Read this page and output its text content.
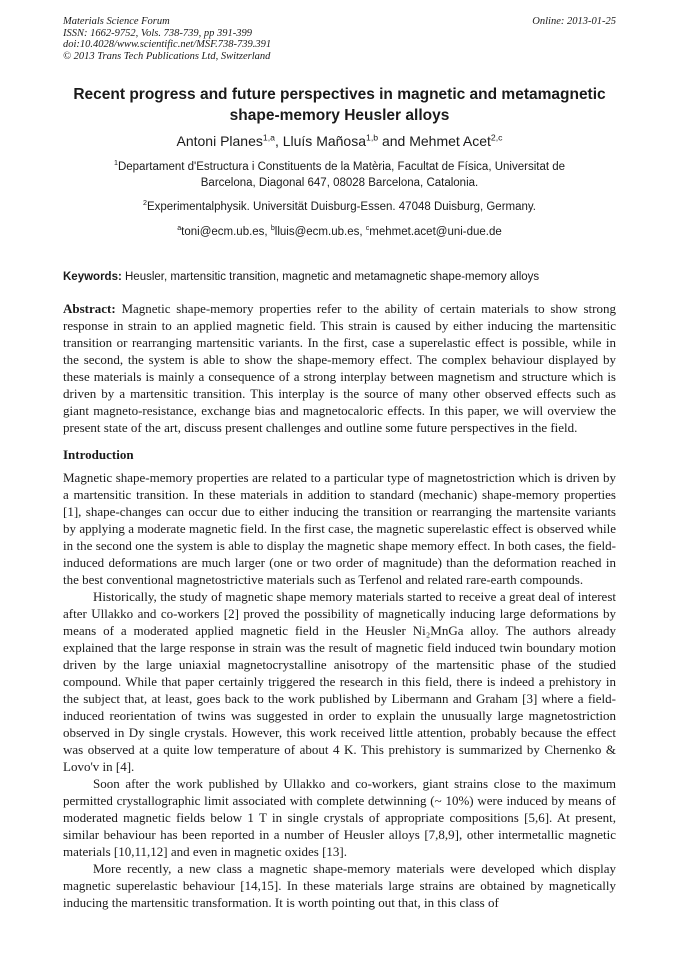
Materials Science Forum
ISSN: 1662-9752, Vols. 738-739, pp 391-399
doi:10.4028/www.scientific.net/MSF.738-739.391
© 2013 Trans Tech Publications Ltd, Switzerland
Online: 2013-01-25
Recent progress and future perspectives in magnetic and metamagnetic
shape-memory Heusler alloys
Antoni Planes$^{1,a}$, Lluís Mañosa$^{1,b}$ and Mehmet Acet$^{2,c}$
$^1$Departament d'Estructura i Constituents de la Matèria, Facultat de Física, Universitat de Barcelona, Diagonal 647, 08028 Barcelona, Catalonia.
$^2$Experimentalphysik. Universität Duisburg-Essen. 47048 Duisburg, Germany.
$^a$toni@ecm.ub.es, $^b$lluis@ecm.ub.es, $^c$mehmet.acet@uni-due.de
Keywords: Heusler, martensitic transition, magnetic and metamagnetic shape-memory alloys

Abstract: Magnetic shape-memory properties refer to the ability of certain materials to show strong response in strain to an applied magnetic field. This strain is caused by either inducing the martensitic transition or rearranging martensitic variants. In the first, case a superelastic effect is possible, while in the second, the system is able to show the shape-memory effect. The complex behaviour displayed by these materials is mainly a consequence of a strong interplay between magnetism and structure which is driven by a martensitic transition. This interplay is the source of many other observed effects such as giant magneto-resistance, exchange bias and magnetocaloric effects. In this paper, we will overview the present state of the art, discuss present challenges and outline some future perspectives in the field.

Introduction

Magnetic shape-memory properties are related to a particular type of magnetostriction which is driven by a martensitic transition. In these materials in addition to standard (mechanic) shape-memory properties [1], shape-changes can occur due to either inducing the transition or rearranging the martensite variants by applying a moderate magnetic field. In the first case, the magnetic superelastic effect is observed while in the second one the system is able to display the magnetic shape memory effect. In both cases, the field-induced deformations are much larger (one or two order of magnitude) than the deformation reached in the best conventional magnetostrictive materials such as Terfenol and related rare-earth compounds.

Historically, the study of magnetic shape memory materials started to receive a great deal of interest after Ullakko and co-workers [2] proved the possibility of magnetically inducing large deformations by means of a moderated applied magnetic field in the Heusler Ni₂MnGa alloy. The authors already explained that the large response in strain was the result of magnetic field induced twin boundary motion driven by the large uniaxial magnetocrystalline anisotropy of the martensitic phase of the studied compound. While that paper certainly triggered the research in this field, there is indeed a prehistory in the subject that, at least, goes back to the work published by Libermann and Graham [3] where a field-induced reorientation of twins was suggested in order to explain the unusually large magnetostriction observed in Dy single crystals. However, this work received little attention, probably because the effect was observed at a quite low temperature of about 4 K. This prehistory is summarized by Chernenko & Lovo'v in [4].

Soon after the work published by Ullakko and co-workers, giant strains close to the maximum permitted crystallographic limit associated with complete detwinning (~ 10%) were induced by means of moderated magnetic fields below 1 T in single crystals of appropriate compositions [5,6]. At present, similar behaviour has been reported in a number of Heusler alloys [7,8,9], other intermetallic magnetic materials [10,11,12] and even in magnetic oxides [13].

More recently, a new class a magnetic shape-memory materials were developed which display magnetic superelastic behaviour [14,15]. In these materials large strains are obtained by magnetically inducing the martensitic transformation. It is worth pointing out that, in this class of
